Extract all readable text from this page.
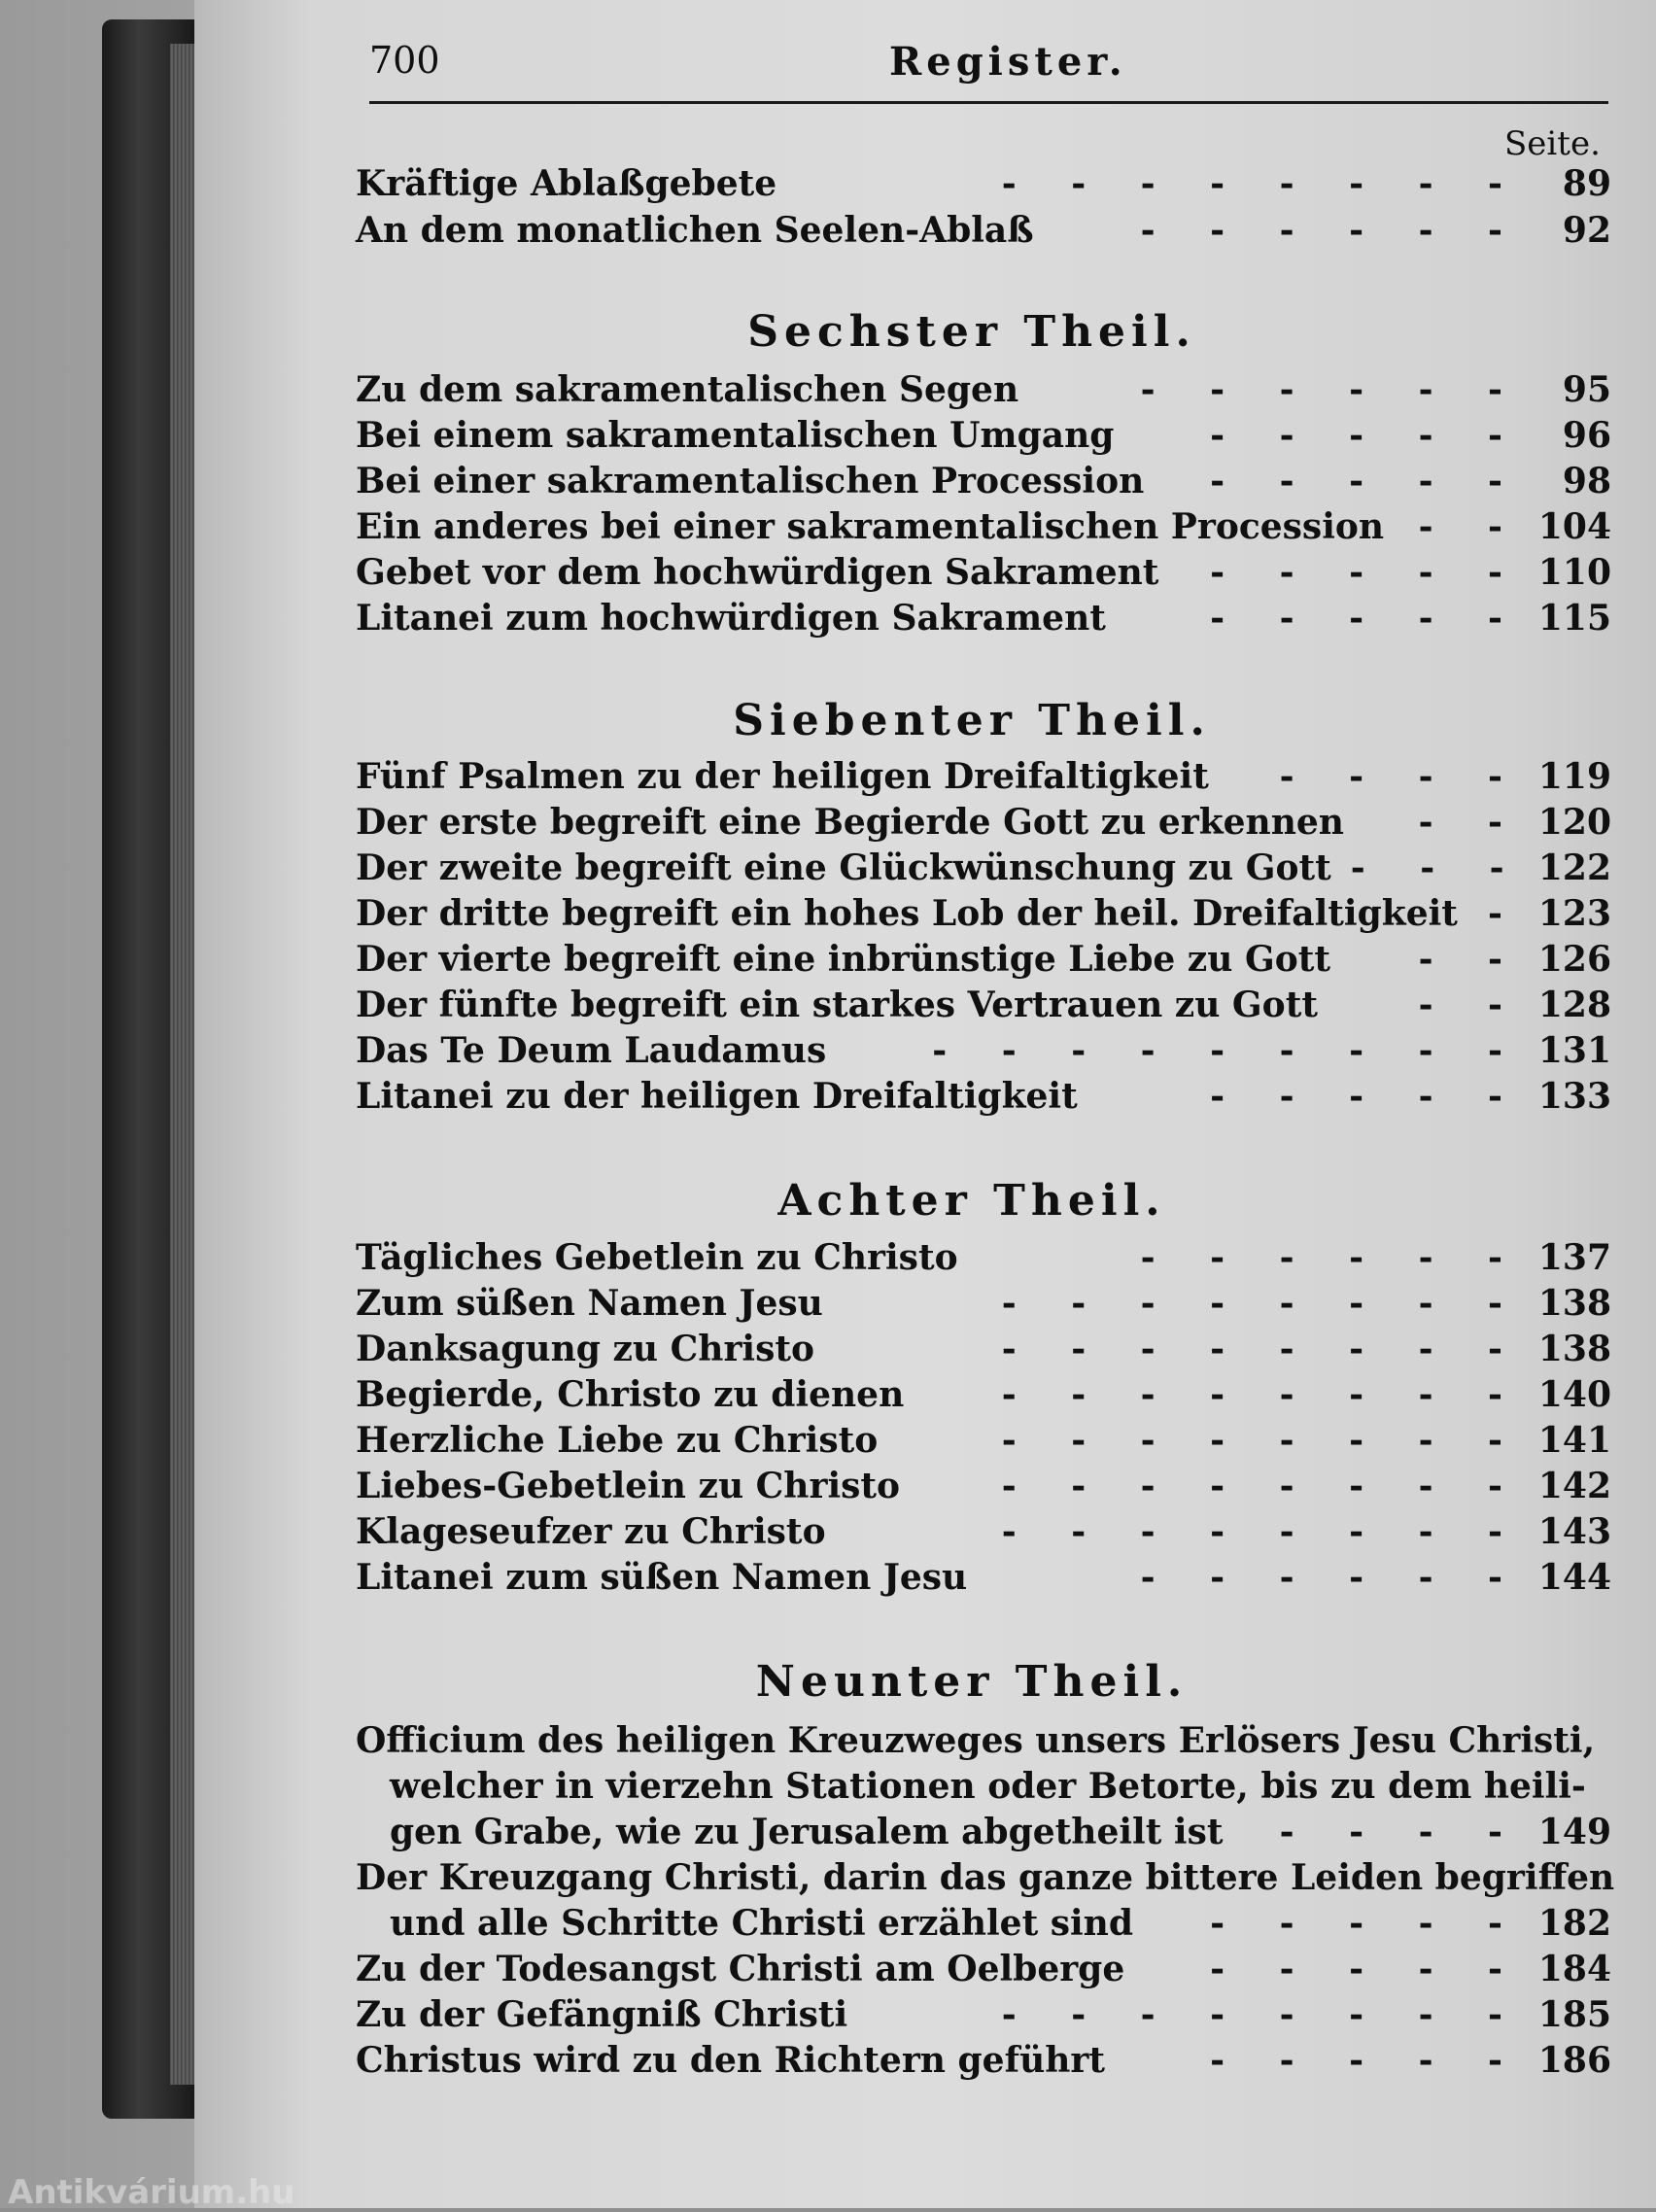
700	Register.
Seite.
Kräftige Ablaßgebete	- - - - - - - - 89
An dem monatlichen Seelen-Ablaß	- - - - - - 92
Sechster Theil.
Zu dem sakramentalischen Segen	- - - - - - 95
Bei einem sakramentalischen Umgang	- - - - - 96
Bei einer sakramentalischen Procession - - - - - 98
Ein anderes bei einer sakramentalischen Procession - - 104
Gebet vor dem hochwürdigen Sakrament - - - - - 110
Litanei zum hochwürdigen Sakrament	- - - - - 115
Siebenter Theil.
Fünf Psalmen zu der heiligen Dreifaltigkeit - - - - 119
Der erste begreift eine Begierde Gott zu erkennen - - 120
Der zweite begreift eine Glückwünschung zu Gott - - - 122
Der dritte begreift ein hohes Lob der heil. Dreifaltigkeit - 123
Der vierte begreift eine inbrünstige Liebe zu Gott	- - 126
Der fünfte begreift ein starkes Vertrauen zu Gott	- - 128
Das Te Deum Laudamus	- - - - - - - - - 131
Litanei zu der heiligen Dreifaltigkeit	- - - - - 133
Achter Theil.
Tägliches Gebetlein zu Christo	- - - - - - 137
Zum süßen Namen Jesu	- - - - - - - - 138
Danksagung zu Christo	- - - - - - - - 138
Begierde, Christo zu dienen	- - - - - - - - 140
Herzliche Liebe zu Christo	- - - - - - - - 141
Liebes-Gebetlein zu Christo	- - - - - - - - 142
Klageseufzer zu Christo	- - - - - - - - 143
Litanei zum süßen Namen Jesu	- - - - - - 144
Neunter Theil.
Officium des heiligen Kreuzweges unsers Erlösers Jesu Christi,
welcher in vierzehn Stationen oder Betorte, bis zu dem heili-
gen Grabe, wie zu Jerusalem abgetheilt ist - - - - 149
Der Kreuzgang Christi, darin das ganze bittere Leiden begriffen
und alle Schritte Christi erzählet sind - - - - - 182
Zu der Todesangst Christi am Oelberge - - - - - 184
Zu der Gefängniß Christi	- - - - - - - - 185
Christus wird zu den Richtern geführt	- - - - - 186
Antikvárium.hu
